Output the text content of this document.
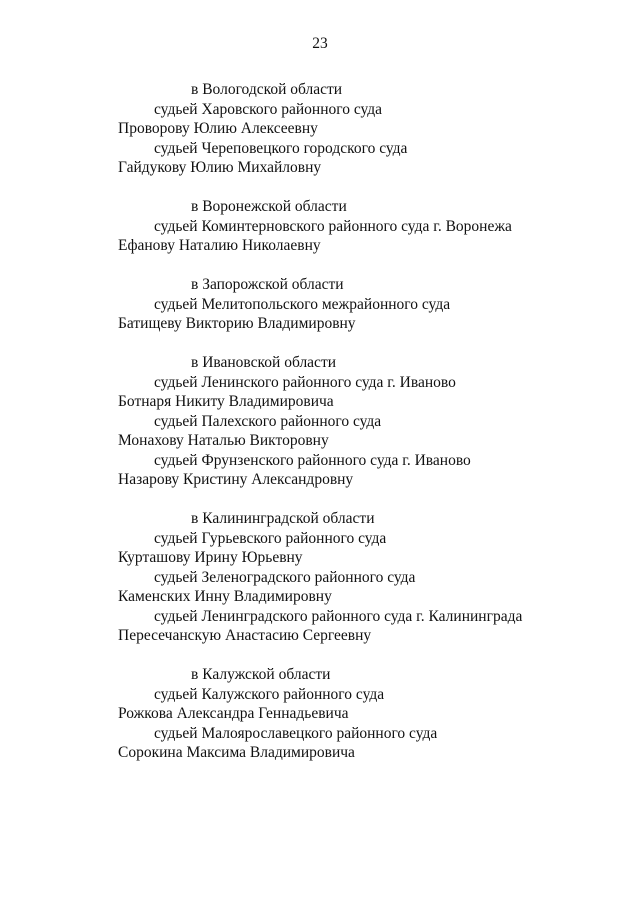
23
в Вологодской области
судьей Харовского районного суда
Проворову Юлию Алексеевну
судьей Череповецкого городского суда
Гайдукову Юлию Михайловну
в Воронежской области
судьей Коминтерновского районного суда г. Воронежа
Ефанову Наталию Николаевну
в Запорожской области
судьей Мелитопольского межрайонного суда
Батищеву Викторию Владимировну
в Ивановской области
судьей Ленинского районного суда г. Иваново
Ботнаря Никиту Владимировича
судьей Палехского районного суда
Монахову Наталью Викторовну
судьей Фрунзенского районного суда г. Иваново
Назарову Кристину Александровну
в Калининградской области
судьей Гурьевского районного суда
Курташову Ирину Юрьевну
судьей Зеленоградского районного суда
Каменских Инну Владимировну
судьей Ленинградского районного суда г. Калининграда
Пересечанскую Анастасию Сергеевну
в Калужской области
судьей Калужского районного суда
Рожкова Александра Геннадьевича
судьей Малоярославецкого районного суда
Сорокина Максима Владимировича
